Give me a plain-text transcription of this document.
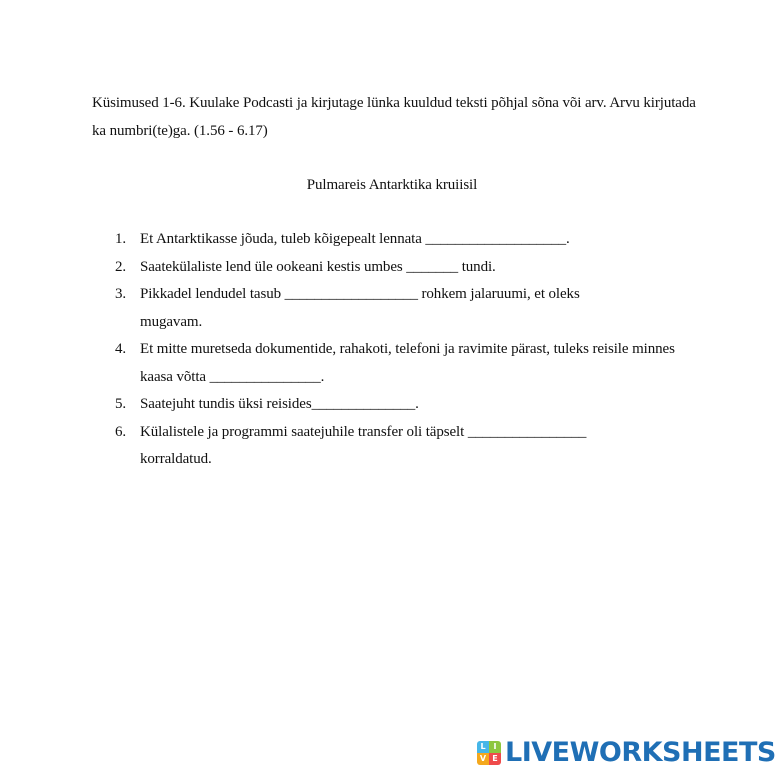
Küsimused 1-6. Kuulake Podcasti ja kirjutage lünka kuuldud teksti põhjal sõna või arv. Arvu kirjutada ka numbri(te)ga. (1.56 - 6.17)

Pulmareis Antarktika kruiisil
1. Et Antarktikasse jõuda, tuleb kõigepealt lennata ___________________.
2. Saatekülaliste lend üle ookeani kestis umbes _______ tundi.
3. Pikkadel lendudel tasub __________________ rohkem jalaruumi, et oleks mugavam.
4. Et mitte muretseda dokumentide, rahakoti, telefoni ja ravimite pärast, tuleks reisile minnes kaasa võtta _______________.
5. Saatejuht tundis üksi reisides______________.
6. Külalistele ja programmi saatejuhile transfer oli täpselt ________________ korraldatud.
L I
V E LIVEWORKSHEETS
